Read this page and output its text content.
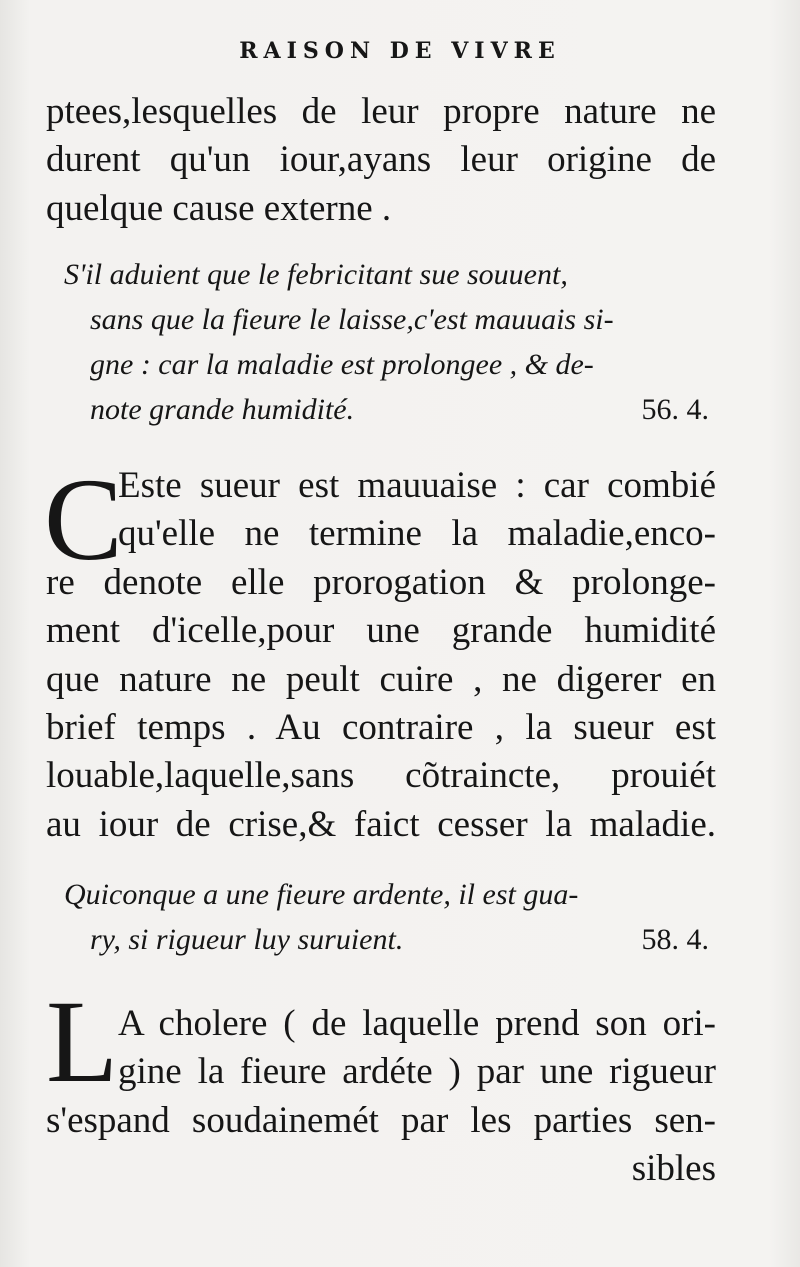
RAISON DE VIVRE
ptees,lesquelles de leur propre nature ne
durent qu'un iour,ayans leur origine de
quelque cause externe .
S'il aduient que le febricitant sue souuent,
sans que la fieure le laisse,c'est mauuais si-
gne : car la maladie est prolongee , & de-
note grande humidité.	56. 4.
C
Este sueur est mauuaise : car combié
qu'elle ne termine la maladie,enco-
re denote elle prorogation & prolonge-
ment d'icelle,pour une grande humidité
que nature ne peult cuire , ne digerer en
brief temps . Au contraire , la sueur est
louable,laquelle,sans cõtraincte, prouiét
au iour de crise,& faict cesser la maladie.
Quiconque a une fieure ardente, il est gua-
ry, si rigueur luy suruient.	58. 4.
L A cholere ( de laquelle prend son ori-
gine la fieure ardéte ) par une rigueur
s'espand soudainemét par les parties sen-
sibles
